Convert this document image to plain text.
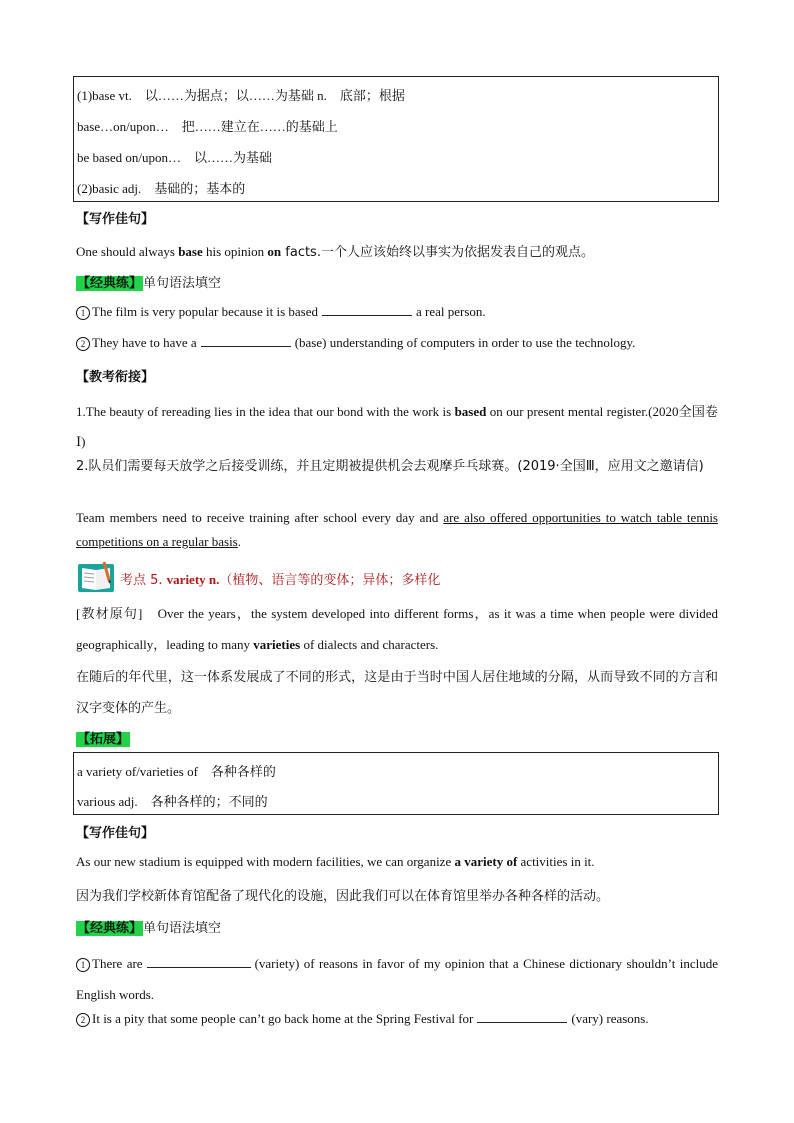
(1)base vt.　以……为据点；以……为基础 n.　底部；根据
base…on/upon…　把……建立在……的基础上
be based on/upon…　以……为基础
(2)basic adj.　基础的；基本的
【写作佳句】
One should always base his opinion on facts.一个人应该始终以事实为依据发表自己的观点。
【经典练】单句语法填空
1 The film is very popular because it is based	a real person.
2 They have to have a	(base) understanding of computers in order to use the technology.
【教考衔接】
1.The beauty of rereading lies in the idea that our bond with the work is based on our present mental register.(2020全国卷Ⅰ)
2.队员们需要每天放学之后接受训练，并且定期被提供机会去观摩乒乓球赛。(2019·全国Ⅲ，应用文之邀请信)
Team members need to receive training after school every day and are also offered opportunities to watch table tennis competitions on a regular basis.
考点 5. variety n.（植物、语言等的变体；异体；多样化
[教材原句]　Over the years，the system developed into different forms，as it was a time when people were divided geographically，leading to many varieties of dialects and characters.
在随后的年代里，这一体系发展成了不同的形式，这是由于当时中国人居住地域的分隔，从而导致不同的方言和汉字变体的产生。
【拓展】
a variety of/varieties of　各种各样的
various adj.　各种各样的；不同的
【写作佳句】
As our new stadium is equipped with modern facilities, we can organize a variety of activities in it.
因为我们学校新体育馆配备了现代化的设施，因此我们可以在体育馆里举办各种各样的活动。
【经典练】单句语法填空
1 There are	(variety) of reasons in favor of my opinion that a Chinese dictionary shouldn’t include English words.
2 It is a pity that some people can’t go back home at the Spring Festival for	(vary) reasons.
